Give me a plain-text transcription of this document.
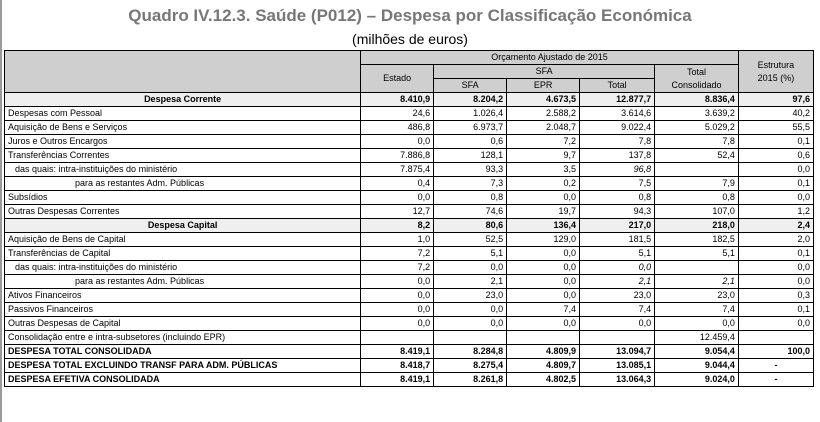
Quadro IV.12.3. Saúde (P012) – Despesa por Classificação Económica
(milhões de euros)
	Orçamento Ajustado de 2015					Estrutura
2015 (%)

	Estado	SFA			Total
Consolidado	

		SFA	EPR	Total		
Despesa Corrente	8.410,9	8.204,2	4.673,5	12.877,7	8.836,4	97,6
Despesas com Pessoal	24,6	1.026,4	2.588,2	3.614,6	3.639,2	40,2
Aquisição de Bens e Serviços	486,8	6.973,7	2.048,7	9.022,4	5.029,2	55,5
Juros e Outros Encargos	0,0	0,6	7,2	7,8	7,8	0,1
Transferências Correntes	7.886,8	128,1	9,7	137,8	52,4	0,6
das quais: intra-instituições do ministério	7.875,4	93,3	3,5	96,8		0,0
para as restantes Adm. Públicas	0,4	7,3	0,2	7,5	7,9	0,1
Subsídios	0,0	0,8	0,0	0,8	0,8	0,0
Outras Despesas Correntes	12,7	74,6	19,7	94,3	107,0	1,2
Despesa Capital	8,2	80,6	136,4	217,0	218,0	2,4
Aquisição de Bens de Capital	1,0	52,5	129,0	181,5	182,5	2,0
Transferências de Capital	7,2	5,1	0,0	5,1	5,1	0,1
das quais: intra-instituições do ministério	7,2	0,0	0,0	0,0		0,0
para as restantes Adm. Públicas	0,0	2,1	0,0	2,1	2,1	0,0
Ativos Financeiros	0,0	23,0	0,0	23,0	23,0	0,3
Passivos Financeiros	0,0	0,0	7,4	7,4	7,4	0,1
Outras Despesas de Capital	0,0	0,0	0,0	0,0	0,0	0,0
Consolidação entre e intra-subsetores (incluindo EPR)					12.459,4	
DESPESA TOTAL CONSOLIDADA	8.419,1	8.284,8	4.809,9	13.094,7	9.054,4	100,0
DESPESA TOTAL EXCLUINDO TRANSF PARA ADM. PÚBLICAS	8.418,7	8.275,4	4.809,7	13.085,1	9.044,4	-
DESPESA EFETIVA CONSOLIDADA	8.419,1	8.261,8	4.802,5	13.064,3	9.024,0	-
